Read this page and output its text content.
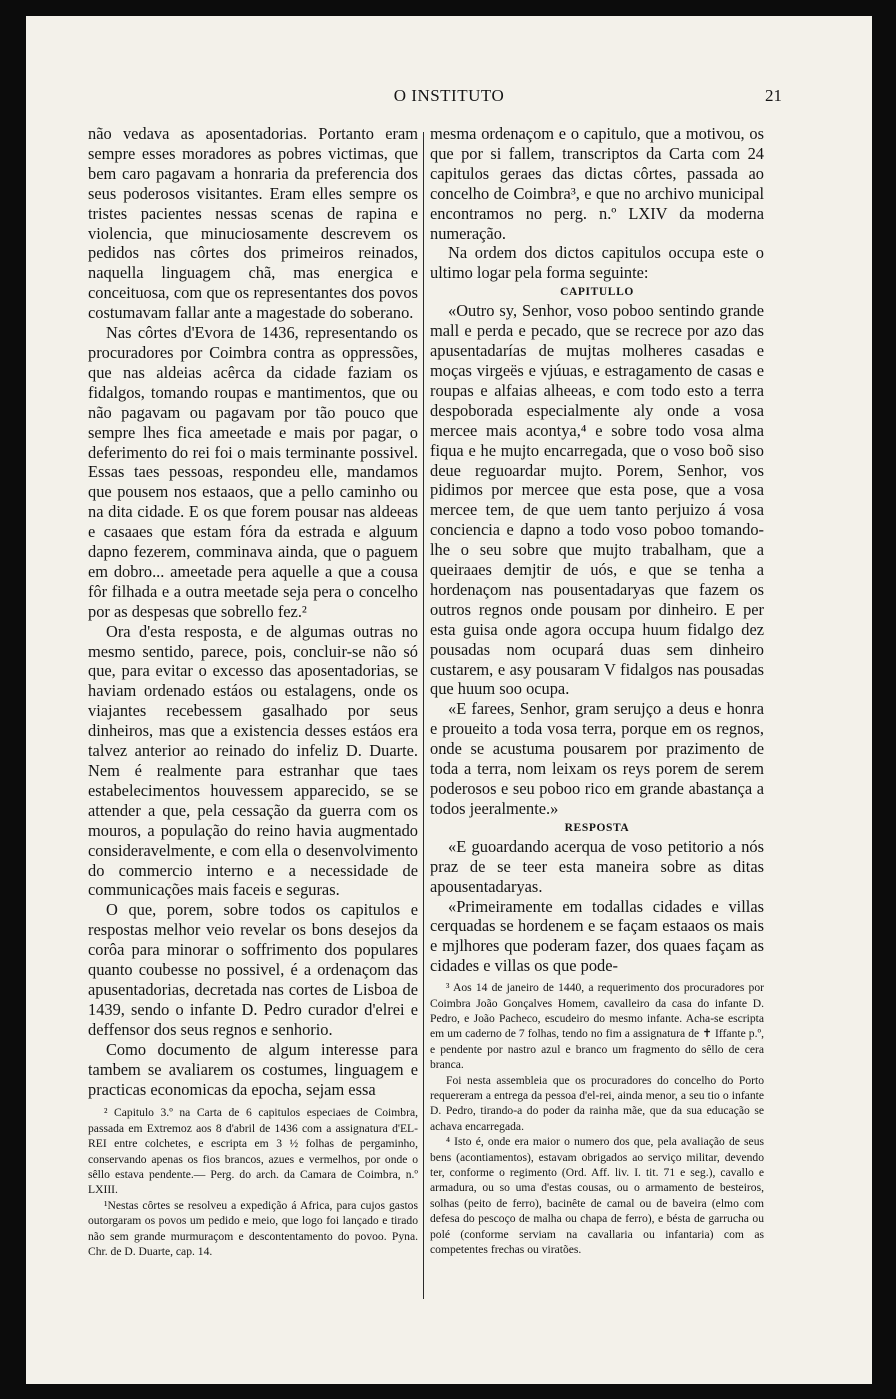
O INSTITUTO	21

não vedava as aposentadorias. Portanto eram sempre esses moradores as pobres victimas, que bem caro pagavam a honraria da preferencia dos seus poderosos visitantes. Eram elles sempre os tristes pacientes nessas scenas de rapina e violencia, que minuciosamente descrevem os pedidos nas côrtes dos primeiros reinados, naquella linguagem chã, mas energica e conceituosa, com que os representantes dos povos costumavam fallar ante a magestade do soberano.

Nas côrtes d'Evora de 1436, representando os procuradores por Coimbra contra as oppressões, que nas aldeias acêrca da cidade faziam os fidalgos, tomando roupas e mantimentos, que ou não pagavam ou pagavam por tão pouco que sempre lhes fica ameetade e mais por pagar, o deferimento do rei foi o mais terminante possivel. Essas taes pessoas, respondeu elle, mandamos que pousem nos estaaos, que a pello caminho ou na dita cidade. E os que forem pousar nas aldeeas e casaaes que estam fóra da estrada e alguum dapno fezerem, comminava ainda, que o paguem em dobro... ameetade pera aquelle a que a cousa fôr filhada e a outra meetade seja pera o concelho por as despesas que sobrello fez.²

Ora d'esta resposta, e de algumas outras no mesmo sentido, parece, pois, concluir-se não só que, para evitar o excesso das aposentadorias, se haviam ordenado estáos ou estalagens, onde os viajantes recebessem gasalhado por seus dinheiros, mas que a existencia desses estáos era talvez anterior ao reinado do infeliz D. Duarte. Nem é realmente para estranhar que taes estabelecimentos houvessem apparecido, se se attender a que, pela cessação da guerra com os mouros, a população do reino havia augmentado consideravelmente, e com ella o desenvolvimento do commercio interno e a necessidade de communicações mais faceis e seguras.

O que, porem, sobre todos os capitulos e respostas melhor veio revelar os bons desejos da corôa para minorar o soffrimento dos populares quanto coubesse no possivel, é a ordenaçom das apusentadorias, decretada nas cortes de Lisboa de 1439, sendo o infante D. Pedro curador d'elrei e deffensor dos seus regnos e senhorio.

Como documento de algum interesse para tambem se avaliarem os costumes, linguagem e practicas economicas da epocha, sejam essa

² Capitulo 3.º na Carta de 6 capitulos especiaes de Coimbra, passada em Extremoz aos 8 d'abril de 1436 com a assignatura d'EL-REI entre colchetes, e escripta em 3 ½ folhas de pergaminho, conservando apenas os fios brancos, azues e vermelhos, por onde o sêllo estava pendente.— Perg. do arch. da Camara de Coimbra, n.º LXIII.

¹Nestas côrtes se resolveu a expedição á Africa, para cujos gastos outorgaram os povos um pedido e meio, que logo foi lançado e tirado não sem grande murmuraçom e descontentamento do povoo. Pyna. Chr. de D. Duarte, cap. 14.

mesma ordenaçom e o capitulo, que a motivou, os que por si fallem, transcriptos da Carta com 24 capitulos geraes das dictas côrtes, passada ao concelho de Coimbra³, e que no archivo municipal encontramos no perg. n.º LXIV da moderna numeração.

Na ordem dos dictos capitulos occupa este o ultimo logar pela forma seguinte:

CAPITULLO

«Outro sy, Senhor, voso poboo sentindo grande mall e perda e pecado, que se recrece por azo das apusentadarías de mujtas molheres casadas e moças virgeës e vjúuas, e estragamento de casas e roupas e alfaias alheeas, e com todo esto a terra despoborada especialmente aly onde a vosa mercee mais acontya,⁴ e sobre todo vosa alma fiqua e he mujto encarregada, que o voso boõ siso deue reguoardar mujto. Porem, Senhor, vos pidimos por mercee que esta pose, que a vosa mercee tem, de que uem tanto perjuizo á vosa conciencia e dapno a todo voso poboo tomando-lhe o seu sobre que mujto trabalham, que a queiraaes demjtir de uós, e que se tenha a hordenaçom nas pousentadaryas que fazem os outros regnos onde pousam por dinheiro. E per esta guisa onde agora occupa huum fidalgo dez pousadas nom ocupará duas sem dinheiro custarem, e asy pousaram V fidalgos nas pousadas que huum soo ocupa.

«E farees, Senhor, gram serujço a deus e honra e proueito a toda vosa terra, porque em os regnos, onde se acustuma pousarem por prazimento de toda a terra, nom leixam os reys porem de serem poderosos e seu poboo rico em grande abastança a todos jeeralmente.»

RESPOSTA

«E guoardando acerqua de voso petitorio a nós praz de se teer esta maneira sobre as ditas apousentadaryas.

«Primeiramente em todallas cidades e villas cerquadas se hordenem e se façam estaaos os mais e mjlhores que poderam fazer, dos quaes façam as cidades e villas os que pode-

³ Aos 14 de janeiro de 1440, a requerimento dos procuradores por Coimbra João Gonçalves Homem, cavalleiro da casa do infante D. Pedro, e João Pacheco, escudeiro do mesmo infante. Acha-se escripta em um caderno de 7 folhas, tendo no fim a assignatura de ✝ Iffante p.º, e pendente por nastro azul e branco um fragmento do sêllo de cera branca.

Foi nesta assembleia que os procuradores do concelho do Porto requereram a entrega da pessoa d'el-rei, ainda menor, a seu tio o infante D. Pedro, tirando-a do poder da rainha mãe, que da sua educação se achava encarregada.

⁴ Isto é, onde era maior o numero dos que, pela avaliação de seus bens (acontiamentos), estavam obrigados ao serviço militar, devendo ter, conforme o regimento (Ord. Aff. liv. I. tit. 71 e seg.), cavallo e armadura, ou so uma d'estas cousas, ou o armamento de besteiros, solhas (peito de ferro), bacinête de camal ou de baveira (elmo com defesa do pescoço de malha ou chapa de ferro), e bésta de garrucha ou polé (conforme serviam na cavallaria ou infantaria) com as competentes frechas ou viratões.
